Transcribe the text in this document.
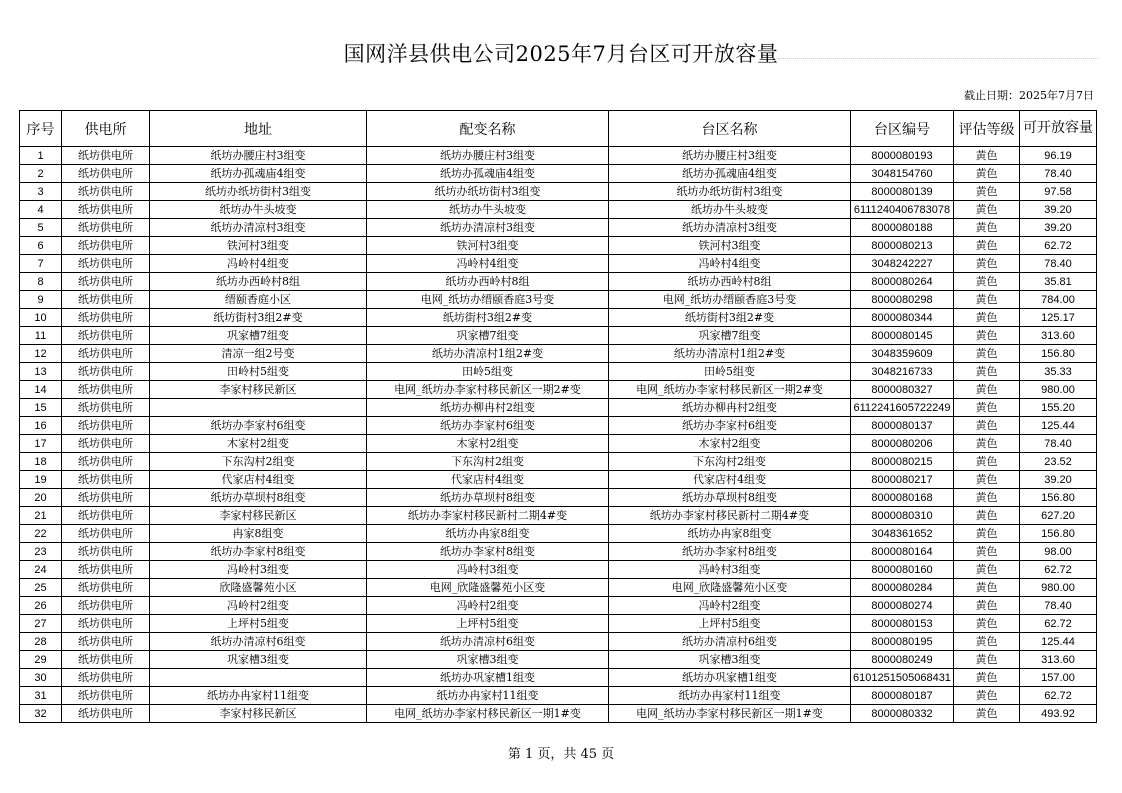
国网洋县供电公司2025年7月台区可开放容量
截止日期：2025年7月7日
序号	供电所	地址	配变名称	台区名称	台区编号	评估等级	可开放容量
1	纸坊供电所	纸坊办腰庄村3组变	纸坊办腰庄村3组变	纸坊办腰庄村3组变	8000080193	黄色	96.19
2	纸坊供电所	纸坊办孤魂庙4组变	纸坊办孤魂庙4组变	纸坊办孤魂庙4组变	3048154760	黄色	78.40
3	纸坊供电所	纸坊办纸坊街村3组变	纸坊办纸坊街村3组变	纸坊办纸坊街村3组变	8000080139	黄色	97.58
4	纸坊供电所	纸坊办牛头坡变	纸坊办牛头坡变	纸坊办牛头坡变	6111240406783078	黄色	39.20
5	纸坊供电所	纸坊办清凉村3组变	纸坊办清凉村3组变	纸坊办清凉村3组变	8000080188	黄色	39.20
6	纸坊供电所	铁河村3组变	铁河村3组变	铁河村3组变	8000080213	黄色	62.72
7	纸坊供电所	冯岭村4组变	冯岭村4组变	冯岭村4组变	3048242227	黄色	78.40
8	纸坊供电所	纸坊办西岭村8组	纸坊办西岭村8组	纸坊办西岭村8组	8000080264	黄色	35.81
9	纸坊供电所	缙颐香庭小区	电网_纸坊办缙颐香庭3号变	电网_纸坊办缙颐香庭3号变	8000080298	黄色	784.00
10	纸坊供电所	纸坊街村3组2#变	纸坊街村3组2#变	纸坊街村3组2#变	8000080344	黄色	125.17
11	纸坊供电所	巩家槽7组变	巩家槽7组变	巩家槽7组变	8000080145	黄色	313.60
12	纸坊供电所	清凉一组2号变	纸坊办清凉村1组2#变	纸坊办清凉村1组2#变	3048359609	黄色	156.80
13	纸坊供电所	田岭村5组变	田岭5组变	田岭5组变	3048216733	黄色	35.33
14	纸坊供电所	李家村移民新区	电网_纸坊办李家村移民新区一期2#变	电网_纸坊办李家村移民新区一期2#变	8000080327	黄色	980.00
15	纸坊供电所		纸坊办柳冉村2组变	纸坊办柳冉村2组变	6112241605722249	黄色	155.20
16	纸坊供电所	纸坊办李家村6组变	纸坊办李家村6组变	纸坊办李家村6组变	8000080137	黄色	125.44
17	纸坊供电所	木家村2组变	木家村2组变	木家村2组变	8000080206	黄色	78.40
18	纸坊供电所	下东沟村2组变	下东沟村2组变	下东沟村2组变	8000080215	黄色	23.52
19	纸坊供电所	代家店村4组变	代家店村4组变	代家店村4组变	8000080217	黄色	39.20
20	纸坊供电所	纸坊办草坝村8组变	纸坊办草坝村8组变	纸坊办草坝村8组变	8000080168	黄色	156.80
21	纸坊供电所	李家村移民新区	纸坊办李家村移民新村二期4#变	纸坊办李家村移民新村二期4#变	8000080310	黄色	627.20
22	纸坊供电所	冉家8组变	纸坊办冉家8组变	纸坊办冉家8组变	3048361652	黄色	156.80
23	纸坊供电所	纸坊办李家村8组变	纸坊办李家村8组变	纸坊办李家村8组变	8000080164	黄色	98.00
24	纸坊供电所	冯岭村3组变	冯岭村3组变	冯岭村3组变	8000080160	黄色	62.72
25	纸坊供电所	欣隆盛馨苑小区	电网_欣隆盛馨苑小区变	电网_欣隆盛馨苑小区变	8000080284	黄色	980.00
26	纸坊供电所	冯岭村2组变	冯岭村2组变	冯岭村2组变	8000080274	黄色	78.40
27	纸坊供电所	上坪村5组变	上坪村5组变	上坪村5组变	8000080153	黄色	62.72
28	纸坊供电所	纸坊办清凉村6组变	纸坊办清凉村6组变	纸坊办清凉村6组变	8000080195	黄色	125.44
29	纸坊供电所	巩家槽3组变	巩家槽3组变	巩家槽3组变	8000080249	黄色	313.60
30	纸坊供电所		纸坊办巩家槽1组变	纸坊办巩家槽1组变	6101251505068431	黄色	157.00
31	纸坊供电所	纸坊办冉家村11组变	纸坊办冉家村11组变	纸坊办冉家村11组变	8000080187	黄色	62.72
32	纸坊供电所	李家村移民新区	电网_纸坊办李家村移民新区一期1#变	电网_纸坊办李家村移民新区一期1#变	8000080332	黄色	493.92
第 1 页，共 45 页
